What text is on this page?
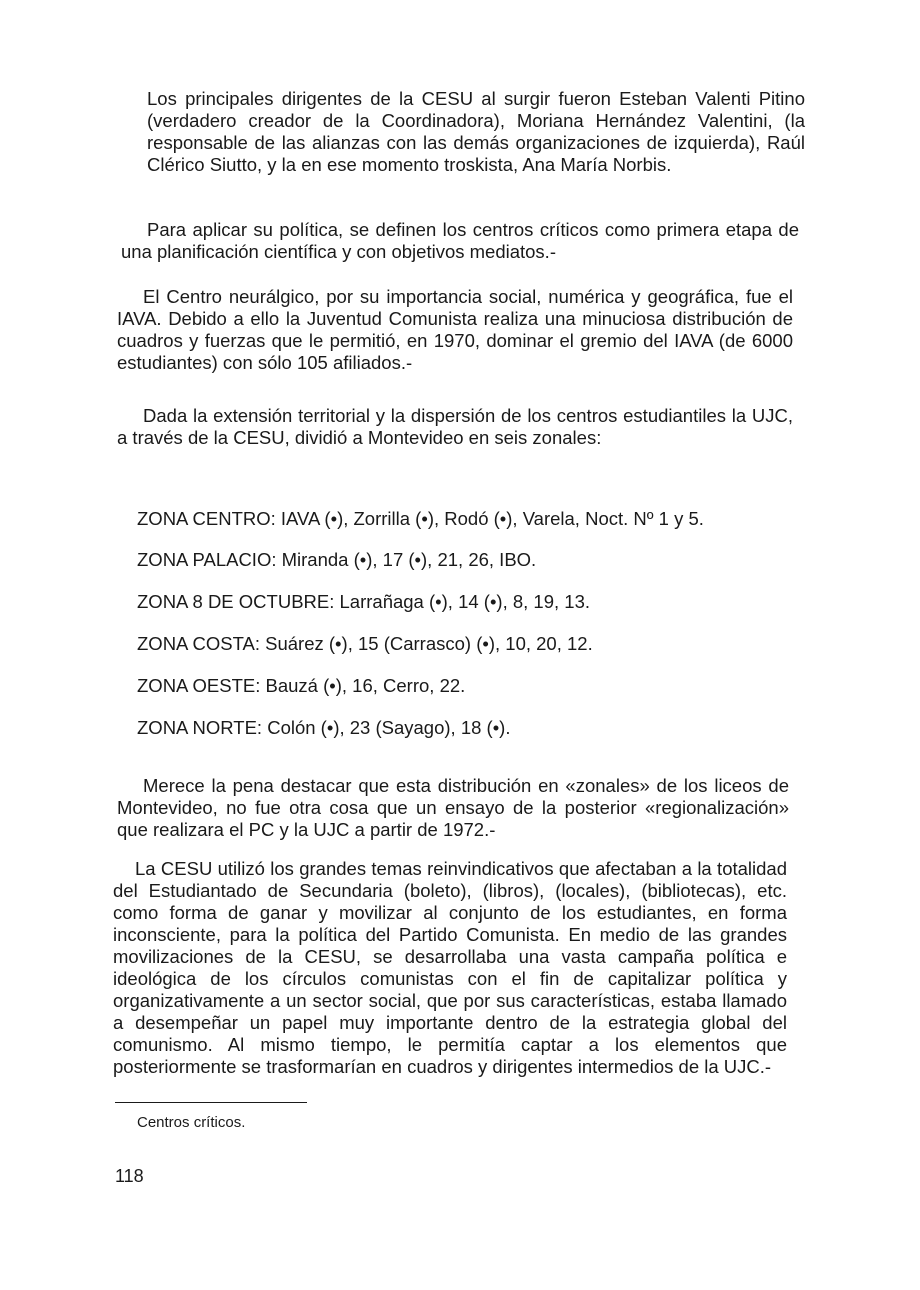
Los principales dirigentes de la CESU al surgir fueron Esteban Valenti Pitino (verdadero creador de la Coordinadora), Moriana Hernández Valentini, (la responsable de las alianzas con las demás organizaciones de izquierda), Raúl Clérico Siutto, y la en ese momento troskista, Ana María Norbis.

Para aplicar su política, se definen los centros críticos como primera etapa de una planificación científica y con objetivos mediatos.-

El Centro neurálgico, por su importancia social, numérica y geográfica, fue el IAVA. Debido a ello la Juventud Comunista realiza una minuciosa distribución de cuadros y fuerzas que le permitió, en 1970, dominar el gremio del IAVA (de 6000 estudiantes) con sólo 105 afiliados.-

Dada la extensión territorial y la dispersión de los centros estudiantiles la UJC, a través de la CESU, dividió a Montevideo en seis zonales:

ZONA CENTRO: IAVA (•), Zorrilla (•), Rodó (•), Varela, Noct. Nº 1 y 5.

ZONA PALACIO: Miranda (•), 17 (•), 21, 26, IBO.

ZONA 8 DE OCTUBRE: Larrañaga (•), 14 (•), 8, 19, 13.

ZONA COSTA: Suárez (•), 15 (Carrasco) (•), 10, 20, 12.

ZONA OESTE: Bauzá (•), 16, Cerro, 22.

ZONA NORTE: Colón (•), 23 (Sayago), 18 (•).

Merece la pena destacar que esta distribución en «zonales» de los liceos de Montevideo, no fue otra cosa que un ensayo de la posterior «regionalización» que realizara el PC y la UJC a partir de 1972.-

La CESU utilizó los grandes temas reinvindicativos que afectaban a la totalidad del Estudiantado de Secundaria (boleto), (libros), (locales), (bibliotecas), etc. como forma de ganar y movilizar al conjunto de los estudiantes, en forma inconsciente, para la política del Partido Comunista. En medio de las grandes movilizaciones de la CESU, se desarrollaba una vasta campaña política e ideológica de los círculos comunistas con el fin de capitalizar política y organizativamente a un sector social, que por sus características, estaba llamado a desempeñar un papel muy importante dentro de la estrategia global del comunismo. Al mismo tiempo, le permitía captar a los elementos que posteriormente se trasformarían en cuadros y dirigentes intermedios de la UJC.-

Centros críticos.

118
